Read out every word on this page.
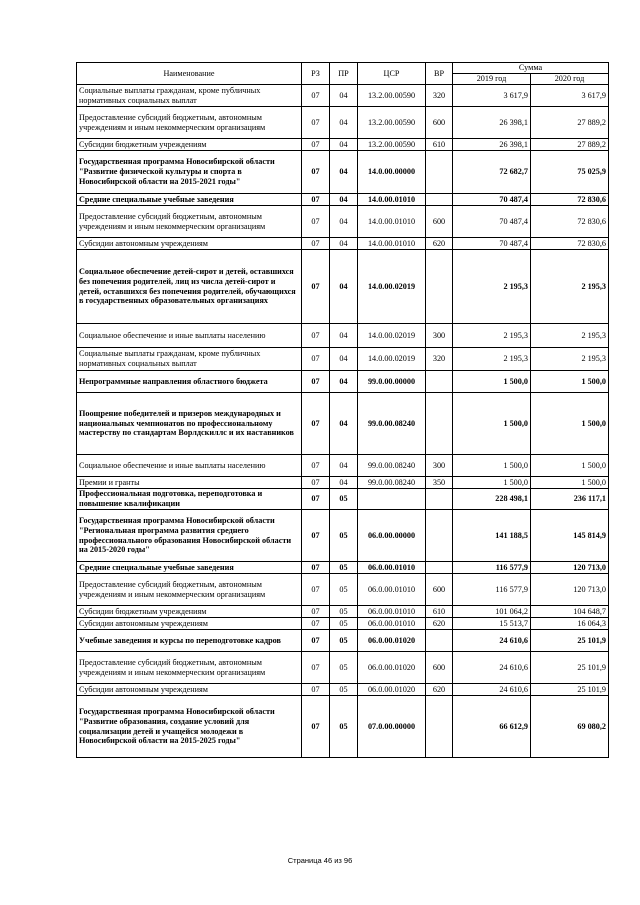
Наименование	РЗ	ПР	ЦСР	ВР	Сумма	
					2019 год	2020 год
Социальные выплаты гражданам, кроме публичных нормативных социальных выплат	07	04	13.2.00.00590	320	3 617,9	3 617,9
Предоставление субсидий бюджетным, автономным учреждениям и иным некоммерческим организациям	07	04	13.2.00.00590	600	26 398,1	27 889,2
Субсидии бюджетным учреждениям	07	04	13.2.00.00590	610	26 398,1	27 889,2
Государственная программа Новосибирской области "Развитие физической культуры и спорта в Новосибирской области на 2015-2021 годы"	07	04	14.0.00.00000		72 682,7	75 025,9
Средние специальные учебные заведения	07	04	14.0.00.01010		70 487,4	72 830,6
Предоставление субсидий бюджетным, автономным учреждениям и иным некоммерческим организациям	07	04	14.0.00.01010	600	70 487,4	72 830,6
Субсидии автономным учреждениям	07	04	14.0.00.01010	620	70 487,4	72 830,6
Социальное обеспечение детей-сирот и детей, оставшихся без попечения родителей, лиц из числа детей-сирот и детей, оставшихся без попечения родителей, обучающихся в государственных образовательных организациях	07	04	14.0.00.02019		2 195,3	2 195,3
Социальное обеспечение и иные выплаты населению	07	04	14.0.00.02019	300	2 195,3	2 195,3
Социальные выплаты гражданам, кроме публичных нормативных социальных выплат	07	04	14.0.00.02019	320	2 195,3	2 195,3
Непрограммные направления областного бюджета	07	04	99.0.00.00000		1 500,0	1 500,0
Поощрение победителей и призеров международных и национальных чемпионатов по профессиональному мастерству по стандартам Ворлдскиллс и их наставников	07	04	99.0.00.08240		1 500,0	1 500,0
Социальное обеспечение и иные выплаты населению	07	04	99.0.00.08240	300	1 500,0	1 500,0
Премии и гранты	07	04	99.0.00.08240	350	1 500,0	1 500,0
Профессиональная подготовка, переподготовка и повышение квалификации	07	05			228 498,1	236 117,1
Государственная программа Новосибирской области "Региональная программа развития среднего профессионального образования Новосибирской области на 2015-2020 годы"	07	05	06.0.00.00000		141 188,5	145 814,9
Средние специальные учебные заведения	07	05	06.0.00.01010		116 577,9	120 713,0
Предоставление субсидий бюджетным, автономным учреждениям и иным некоммерческим организациям	07	05	06.0.00.01010	600	116 577,9	120 713,0
Субсидии бюджетным учреждениям	07	05	06.0.00.01010	610	101 064,2	104 648,7
Субсидии автономным учреждениям	07	05	06.0.00.01010	620	15 513,7	16 064,3
Учебные заведения и курсы по переподготовке кадров	07	05	06.0.00.01020		24 610,6	25 101,9
Предоставление субсидий бюджетным, автономным учреждениям и иным некоммерческим организациям	07	05	06.0.00.01020	600	24 610,6	25 101,9
Субсидии автономным учреждениям	07	05	06.0.00.01020	620	24 610,6	25 101,9
Государственная программа Новосибирской области "Развитие образования, создание условий для социализации детей и учащейся молодежи в Новосибирской области на 2015-2025 годы"	07	05	07.0.00.00000		66 612,9	69 080,2
Страница 46 из 96
